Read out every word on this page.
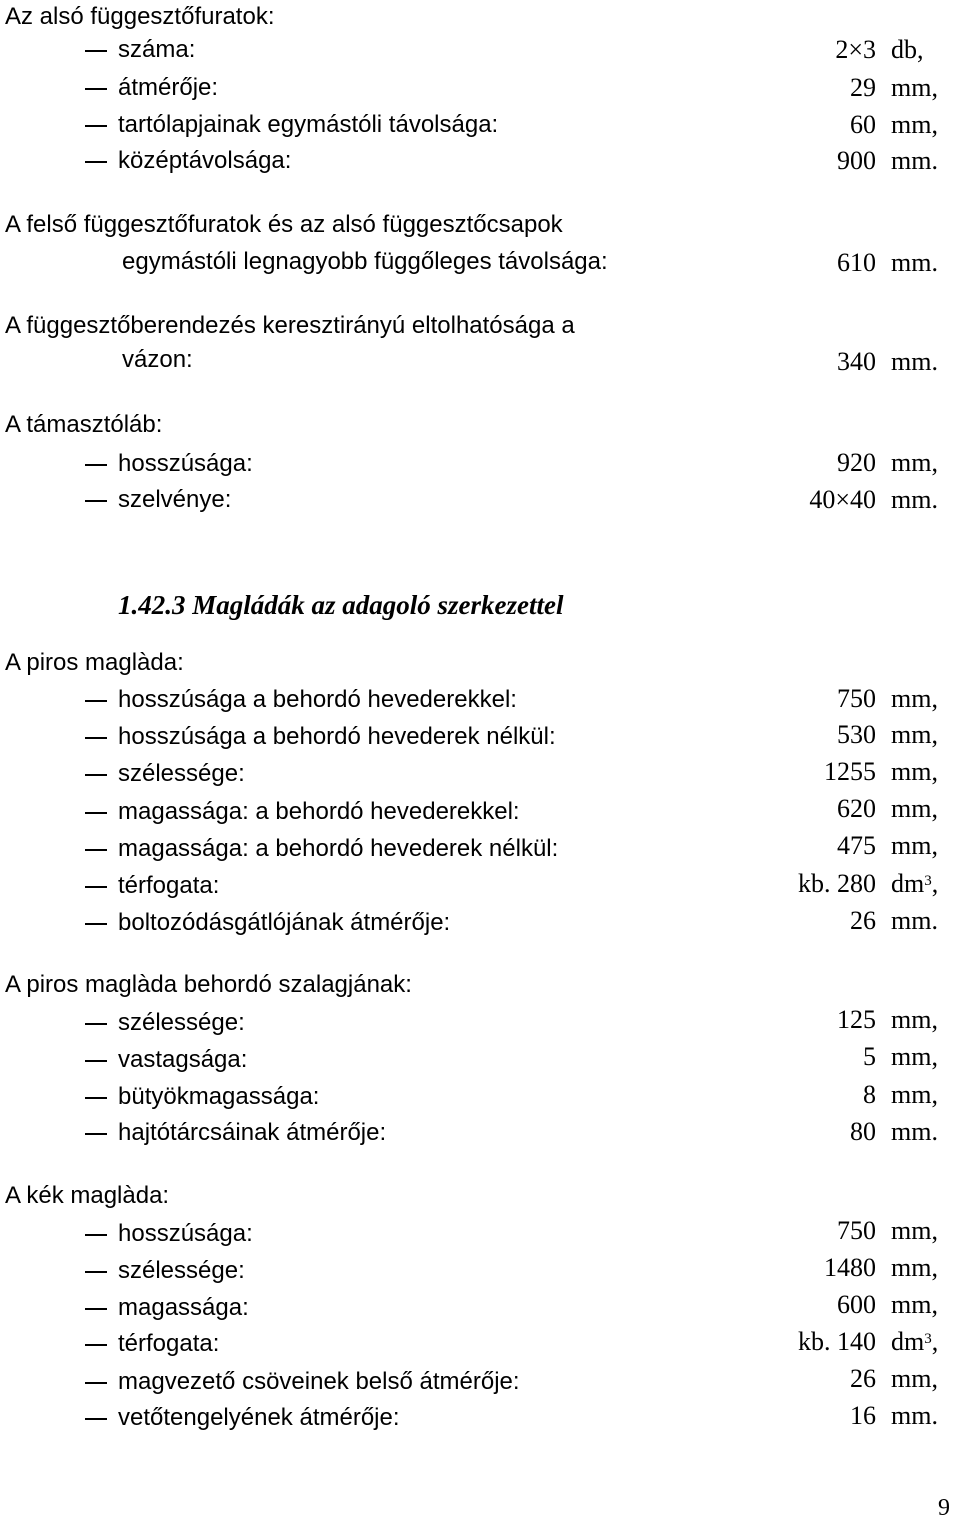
Az alsó függesztőfuratok:
száma:	2×3 db,
átmérője:	29 mm,
tartólapjainak egymástóli távolsága:	60 mm,
középtávolsága:	900 mm.
A felső függesztőfuratok és az alsó függesztőcsapok
egymástóli legnagyobb függőleges távolsága:	610 mm.
A függesztőberendezés keresztirányú eltolhatósága a
vázon:	340 mm.
A támasztóláb:
hosszúsága:	920 mm,
szelvénye:	40×40 mm.
1.42.3 Magládák az adagoló szerkezettel
A piros maglàda:
hosszúsága a behordó hevederekkel:	750 mm,
hosszúsága a behordó hevederek nélkül:	530 mm,
szélessége:	1255 mm,
magassága: a behordó hevederekkel:	620 mm,
magassága: a behordó hevederek nélkül:	475 mm,
térfogata:	kb. 280 $dm^3$,
boltozódásgátlójának átmérője:	26 mm.
A piros maglàda behordó szalagjának:
szélessége:	125 mm,
vastagsága:	5 mm,
bütyökmagassága:	8 mm,
hajtótárcsáinak átmérője:	80 mm.
A kék maglàda:
hosszúsága:	750 mm,
szélessége:	1480 mm,
magassága:	600 mm,
térfogata:	kb. 140 $dm^3$,
magvezető csöveinek belső átmérője:	26 mm,
vetőtengelyének átmérője:	16 mm.
9
